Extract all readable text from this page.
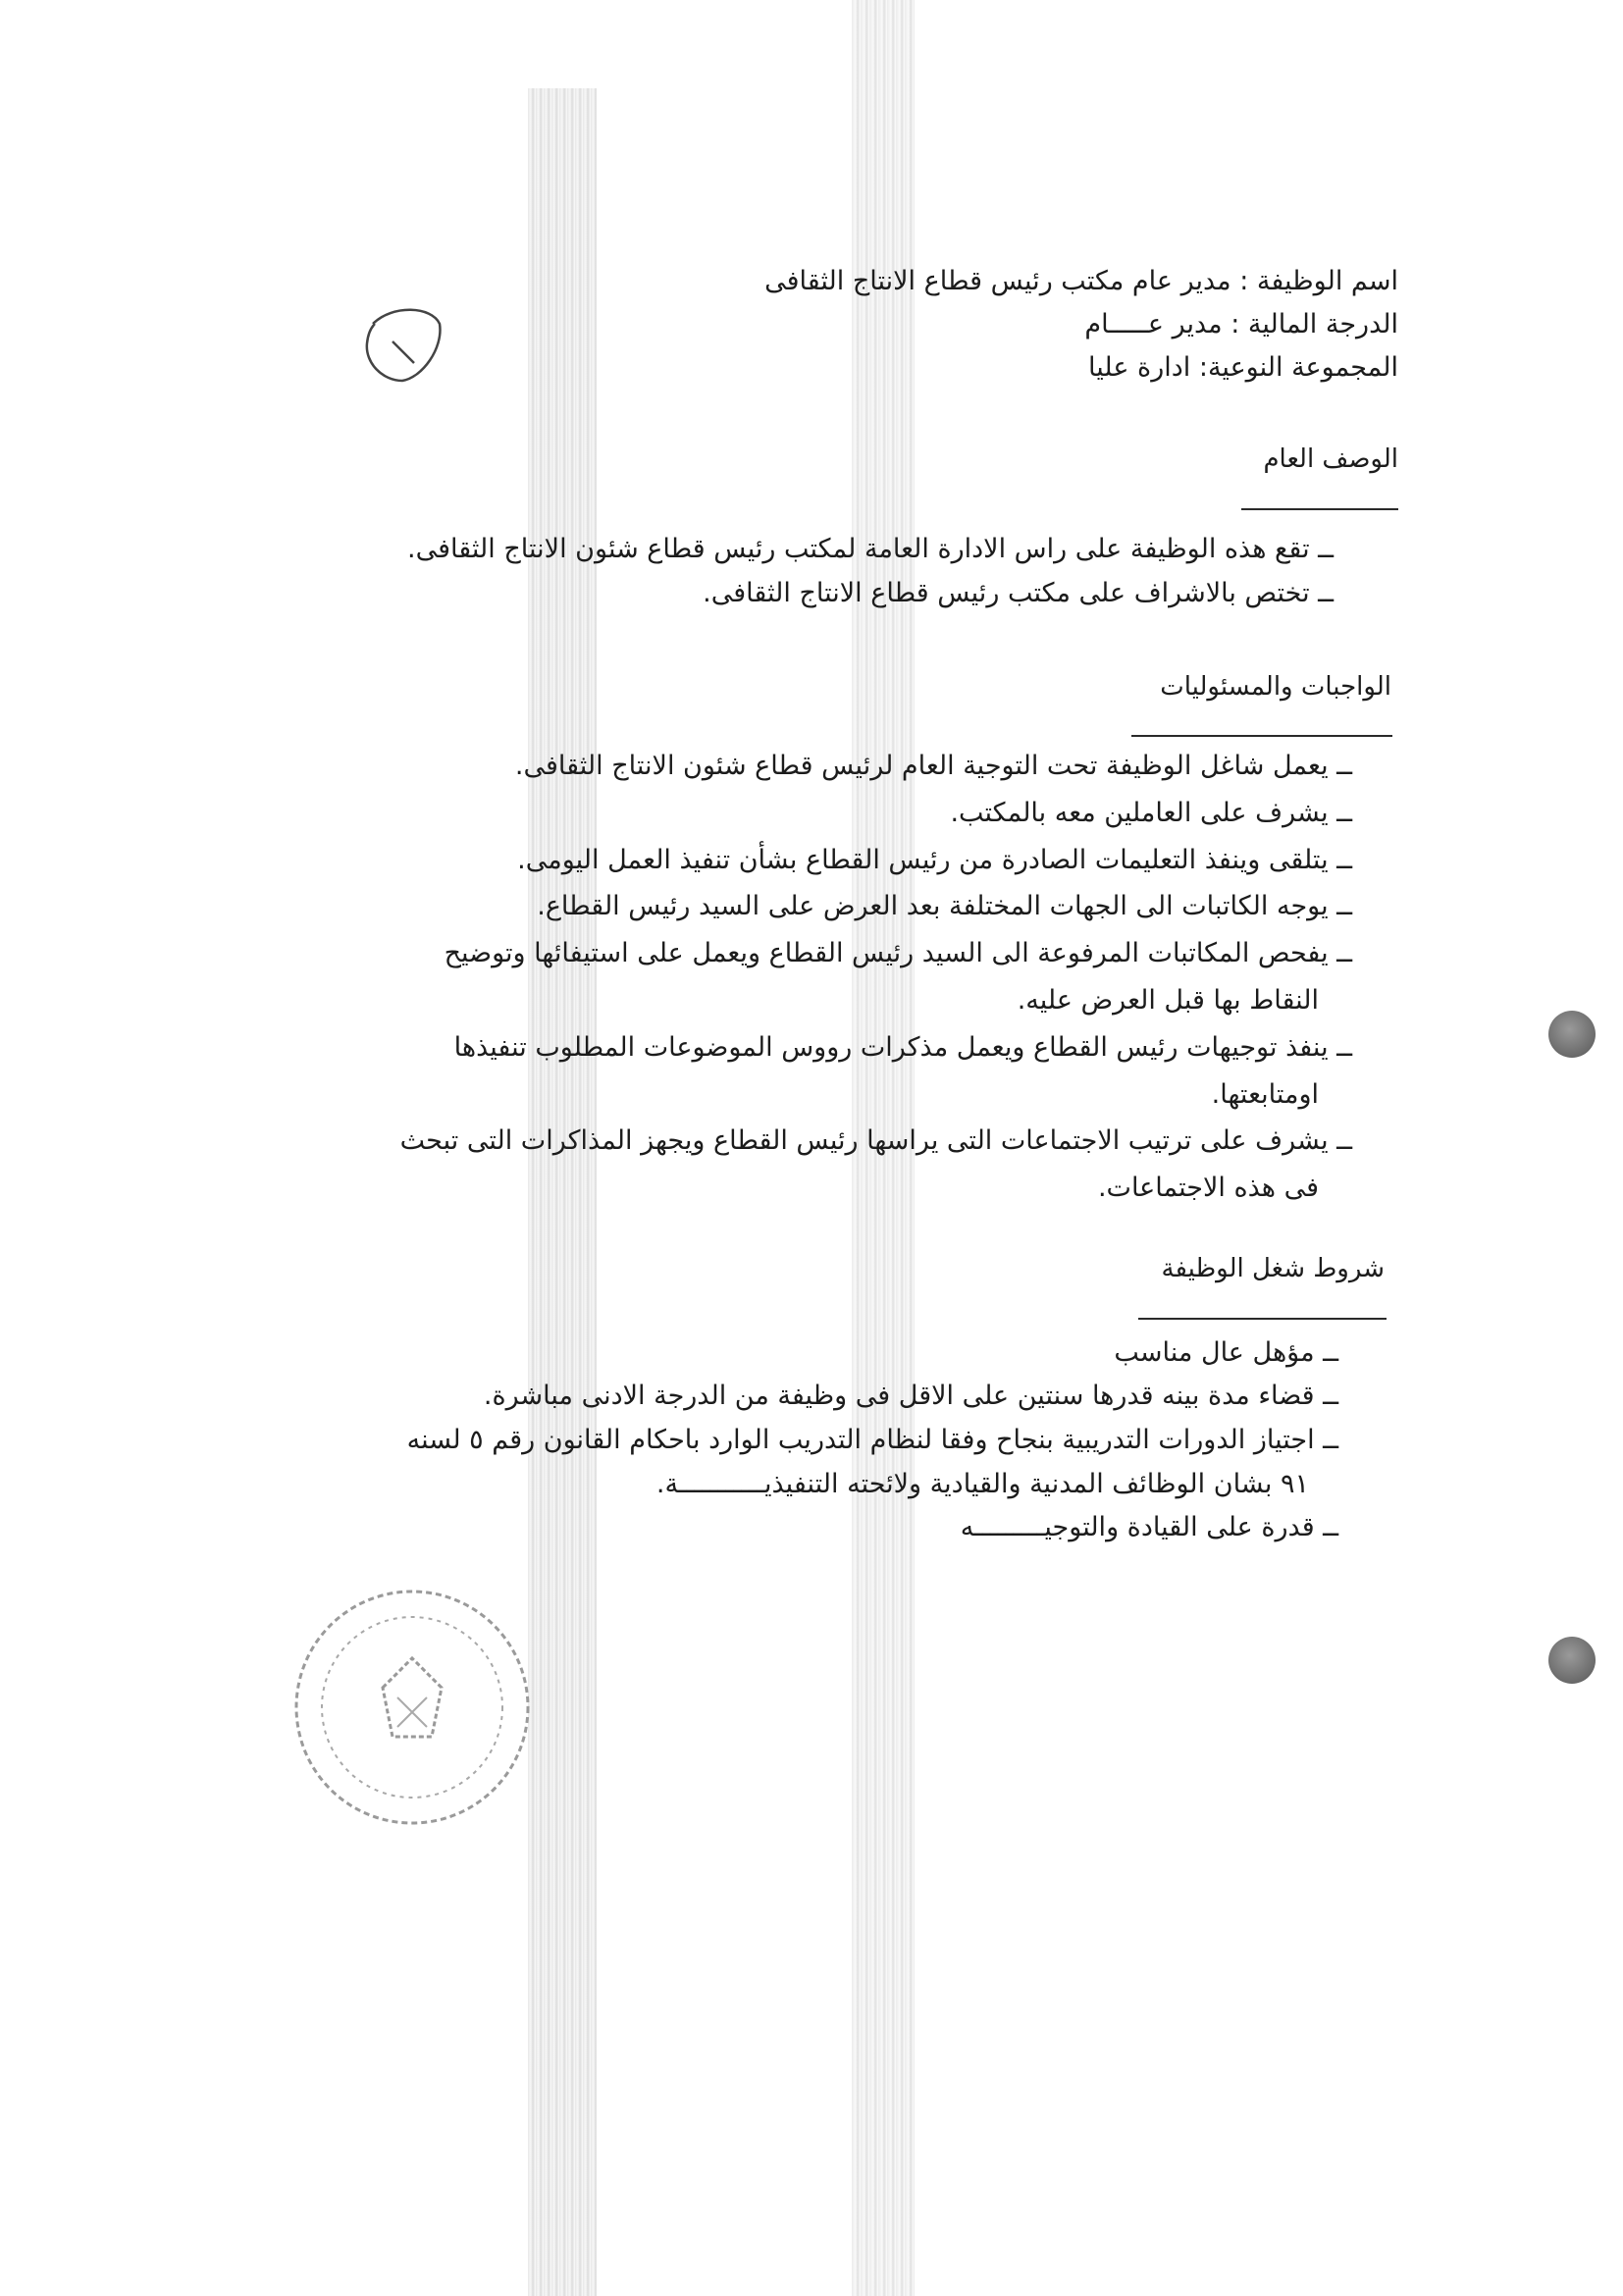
اسم الوظيفة : مدير عام مكتب رئيس قطاع الانتاج الثقافى
الدرجة المالية : مدير عـــــام
المجموعة النوعية: ادارة عليا
الوصف العام
ــ تقع هذه الوظيفة على راس الادارة العامة لمكتب رئيس قطاع شئون الانتاج الثقافى.
ــ تختص بالاشراف على مكتب رئيس قطاع الانتاج الثقافى.
الواجبات والمسئوليات
ــ يعمل شاغل الوظيفة تحت التوجية العام لرئيس قطاع شئون الانتاج الثقافى.
ــ يشرف على العاملين معه بالمكتب.
ــ يتلقى وينفذ التعليمات الصادرة من رئيس القطاع بشأن تنفيذ العمل اليومى.
ــ يوجه الكاتبات الى الجهات المختلفة بعد العرض على السيد رئيس القطاع.
ــ يفحص المكاتبات المرفوعة الى السيد رئيس القطاع ويعمل على استيفائها وتوضيح
النقاط بها قبل العرض عليه.
ــ ينفذ توجيهات رئيس القطاع ويعمل مذكرات رووس الموضوعات المطلوب تنفيذها
اومتابعتها.
ــ يشرف على ترتيب الاجتماعات التى يراسها رئيس القطاع ويجهز المذاكرات التى تبحث
فى هذه الاجتماعات.
شروط شغل الوظيفة
ــ مؤهل عال مناسب
ــ قضاء مدة بينه قدرها سنتين على الاقل فى وظيفة من الدرجة الادنى مباشرة.
ــ اجتياز الدورات التدريبية بنجاح وفقا لنظام التدريب الوارد باحكام القانون رقم ٥ لسنه
٩١ بشان الوظائف المدنية والقيادية ولائحته التنفيذيـــــــــــة.
ــ قدرة على القيادة والتوجيـــــــــه
